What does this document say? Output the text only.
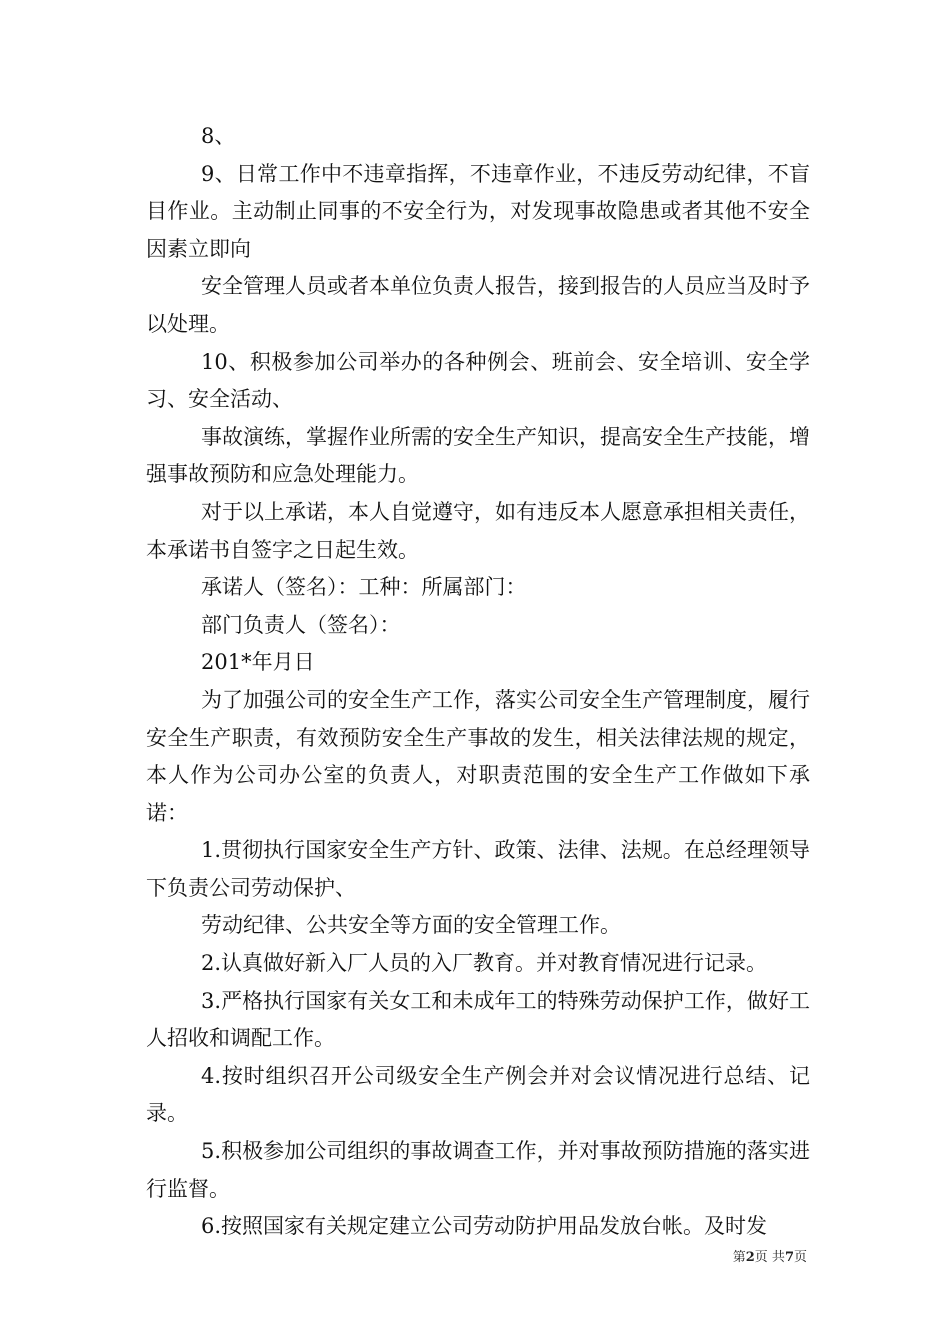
8、

9、日常工作中不违章指挥，不违章作业，不违反劳动纪律，不盲目作业。主动制止同事的不安全行为，对发现事故隐患或者其他不安全因素立即向

安全管理人员或者本单位负责人报告，接到报告的人员应当及时予以处理。

10、积极参加公司举办的各种例会、班前会、安全培训、安全学习、安全活动、

事故演练，掌握作业所需的安全生产知识，提高安全生产技能，增强事故预防和应急处理能力。

对于以上承诺，本人自觉遵守，如有违反本人愿意承担相关责任，本承诺书自签字之日起生效。

承诺人（签名）：工种：所属部门：

部门负责人（签名）：

201*年月日

为了加强公司的安全生产工作，落实公司安全生产管理制度，履行安全生产职责，有效预防安全生产事故的发生，相关法律法规的规定，本人作为公司办公室的负责人，对职责范围的安全生产工作做如下承诺：

1.贯彻执行国家安全生产方针、政策、法律、法规。在总经理领导下负责公司劳动保护、

劳动纪律、公共安全等方面的安全管理工作。

2.认真做好新入厂人员的入厂教育。并对教育情况进行记录。

3.严格执行国家有关女工和未成年工的特殊劳动保护工作，做好工人招收和调配工作。

4.按时组织召开公司级安全生产例会并对会议情况进行总结、记录。

5.积极参加公司组织的事故调查工作，并对事故预防措施的落实进行监督。

6.按照国家有关规定建立公司劳动防护用品发放台帐。及时发

第2页 共7页
